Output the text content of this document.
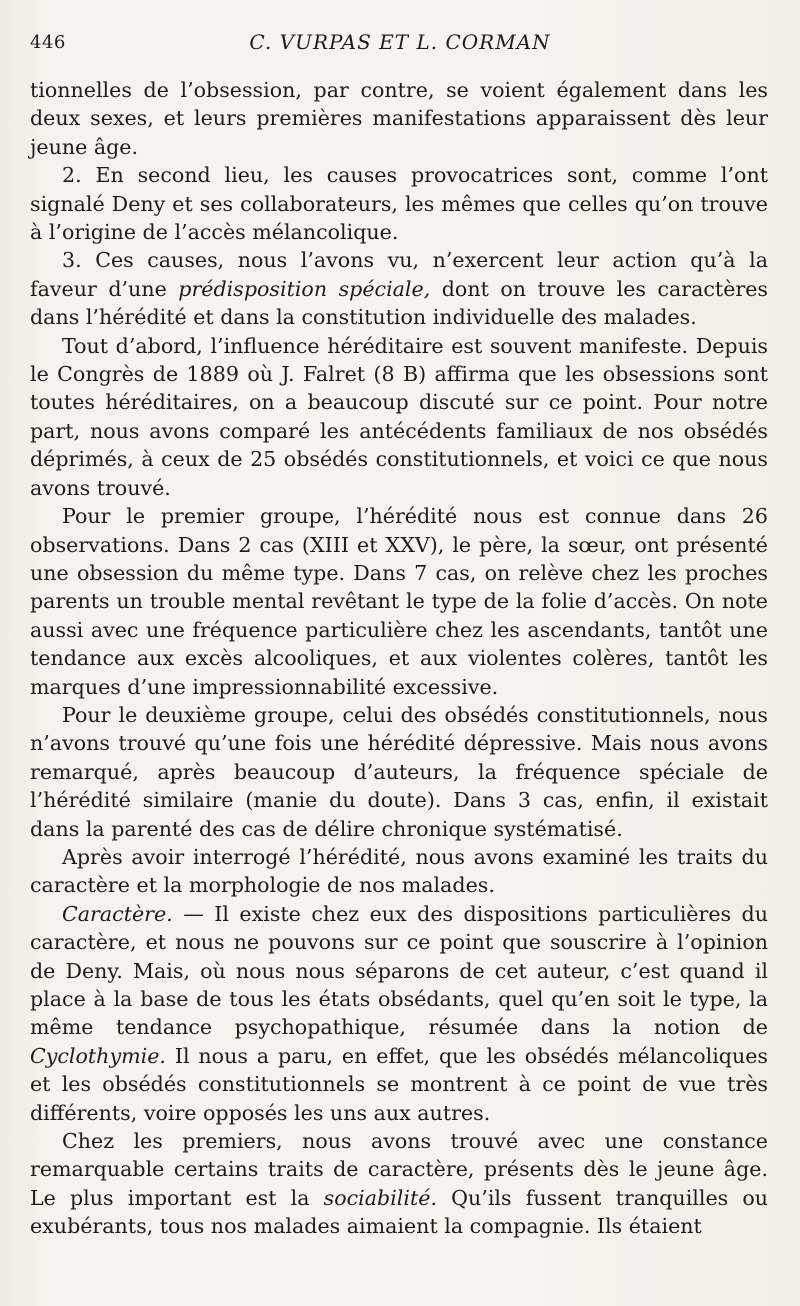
446	C. VURPAS ET L. CORMAN

tionnelles de l’obsession, par contre, se voient également dans les deux sexes, et leurs premières manifestations apparaissent dès leur jeune âge.

2. En second lieu, les causes provocatrices sont, comme l’ont signalé Deny et ses collaborateurs, les mêmes que celles qu’on trouve à l’origine de l’accès mélancolique.

3. Ces causes, nous l’avons vu, n’exercent leur action qu’à la faveur d’une prédisposition spéciale, dont on trouve les caractères dans l’hérédité et dans la constitution individuelle des malades.

Tout d’abord, l’influence héréditaire est souvent manifeste. Depuis le Congrès de 1889 où J. Falret (8 B) affirma que les obsessions sont toutes héréditaires, on a beaucoup discuté sur ce point. Pour notre part, nous avons comparé les antécédents familiaux de nos obsédés déprimés, à ceux de 25 obsédés constitutionnels, et voici ce que nous avons trouvé.

Pour le premier groupe, l’hérédité nous est connue dans 26 observations. Dans 2 cas (XIII et XXV), le père, la sœur, ont présenté une obsession du même type. Dans 7 cas, on relève chez les proches parents un trouble mental revêtant le type de la folie d’accès. On note aussi avec une fréquence particulière chez les ascendants, tantôt une tendance aux excès alcooliques, et aux violentes colères, tantôt les marques d’une impressionnabilité excessive.

Pour le deuxième groupe, celui des obsédés constitutionnels, nous n’avons trouvé qu’une fois une hérédité dépressive. Mais nous avons remarqué, après beaucoup d’auteurs, la fréquence spéciale de l’hérédité similaire (manie du doute). Dans 3 cas, enfin, il existait dans la parenté des cas de délire chronique systématisé.

Après avoir interrogé l’hérédité, nous avons examiné les traits du caractère et la morphologie de nos malades.

Caractère. — Il existe chez eux des dispositions particulières du caractère, et nous ne pouvons sur ce point que souscrire à l’opinion de Deny. Mais, où nous nous séparons de cet auteur, c’est quand il place à la base de tous les états obsédants, quel qu’en soit le type, la même tendance psychopathique, résumée dans la notion de Cyclothymie. Il nous a paru, en effet, que les obsédés mélancoliques et les obsédés constitutionnels se montrent à ce point de vue très différents, voire opposés les uns aux autres.

Chez les premiers, nous avons trouvé avec une constance remarquable certains traits de caractère, présents dès le jeune âge. Le plus important est la sociabilité. Qu’ils fussent tranquilles ou exubérants, tous nos malades aimaient la compagnie. Ils étaient
